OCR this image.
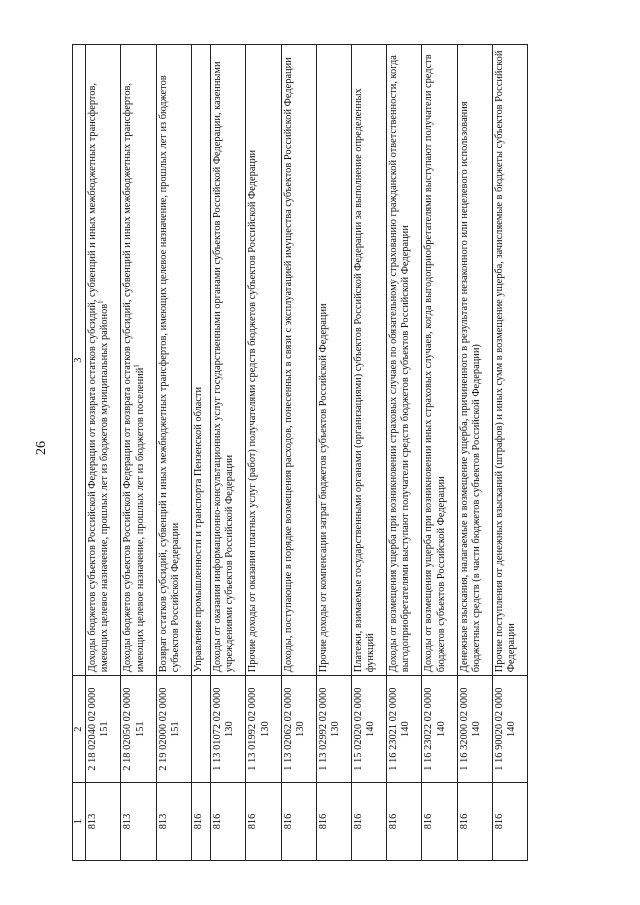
26
1	2	3
813	2 18 02040 02 0000 151	Доходы бюджетов субъектов Российской Федерации от возврата остатков субсидий, субвенций и иных межбюджетных трансфертов, имеющих целевое назначение, прошлых лет из бюджетов муниципальных районов$^1$
813	2 18 02050 02 0000 151	Доходы бюджетов субъектов Российской Федерации от возврата остатков субсидий, субвенций и иных межбюджетных трансфертов, имеющих целевое назначение, прошлых лет из бюджетов поселений$^1$
813	2 19 02000 02 0000 151	Возврат остатков субсидий, субвенций и иных межбюджетных трансфертов, имеющих целевое назначение, прошлых лет из бюджетов субъектов Российской Федерации
816		Управление промышленности и транспорта Пензенской области
816	1 13 01072 02 0000 130	Доходы от оказания информационно-консультационных услуг государственными органами субъектов Российской Федерации, казенными учреждениями субъектов Российской Федерации
816	1 13 01992 02 0000 130	Прочие доходы от оказания платных услуг (работ) получателями средств бюджетов субъектов Российской Федерации
816	1 13 02062 02 0000 130	Доходы, поступающие в порядке возмещения расходов, понесенных в связи с эксплуатацией имущества субъектов Российской Федерации
816	1 13 02992 02 0000 130	Прочие доходы от компенсации затрат бюджетов субъектов Российской Федерации
816	1 15 02020 02 0000 140	Платежи, взимаемые государственными органами (организациями) субъектов Российской Федерации за выполнение определенных функций
816	1 16 23021 02 0000 140	Доходы от возмещения ущерба при возникновении страховых случаев по обязательному страхованию гражданской ответственности, когда выгодоприобретателями выступают получатели средств бюджетов субъектов Российской Федерации
816	1 16 23022 02 0000 140	Доходы от возмещения ущерба при возникновении иных страховых случаев, когда выгодоприобретателями выступают получатели средств бюджетов субъектов Российской Федерации
816	1 16 32000 02 0000 140	Денежные взыскания, налагаемые в возмещение ущерба, причиненного в результате незаконного или нецелевого использования бюджетных средств (в части бюджетов субъектов Российской Федерации)
816	1 16 90020 02 0000 140	Прочие поступления от денежных взысканий (штрафов) и иных сумм в возмещение ущерба, зачисляемые в бюджеты субъектов Российской Федерации
